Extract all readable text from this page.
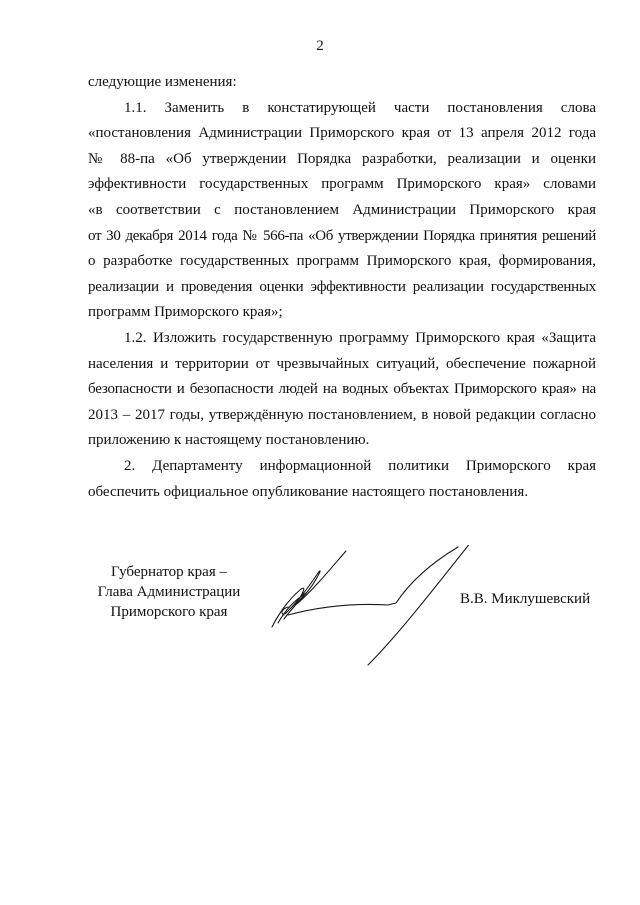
2
следующие изменения:
1.1. Заменить в констатирующей части постановления слова
«постановления Администрации Приморского края от 13 апреля 2012 года
№ 88-па «Об утверждении Порядка разработки, реализации и оценки
эффективности государственных программ Приморского края» словами
«в соответствии с постановлением Администрации Приморского края
от 30 декабря 2014 года № 566-па «Об утверждении Порядка принятия решений
о разработке государственных программ Приморского края, формирования,
реализации и проведения оценки эффективности реализации государственных
программ Приморского края»;
1.2. Изложить государственную программу Приморского края «Защита
населения и территории от чрезвычайных ситуаций, обеспечение пожарной
безопасности и безопасности людей на водных объектах Приморского края» на
2013 – 2017 годы, утверждённую постановлением, в новой редакции согласно
приложению к настоящему постановлению.
2. Департаменту информационной политики Приморского края
обеспечить официальное опубликование настоящего постановления.
Губернатор края –
Глава Администрации
Приморского края
В.В. Миклушевский
